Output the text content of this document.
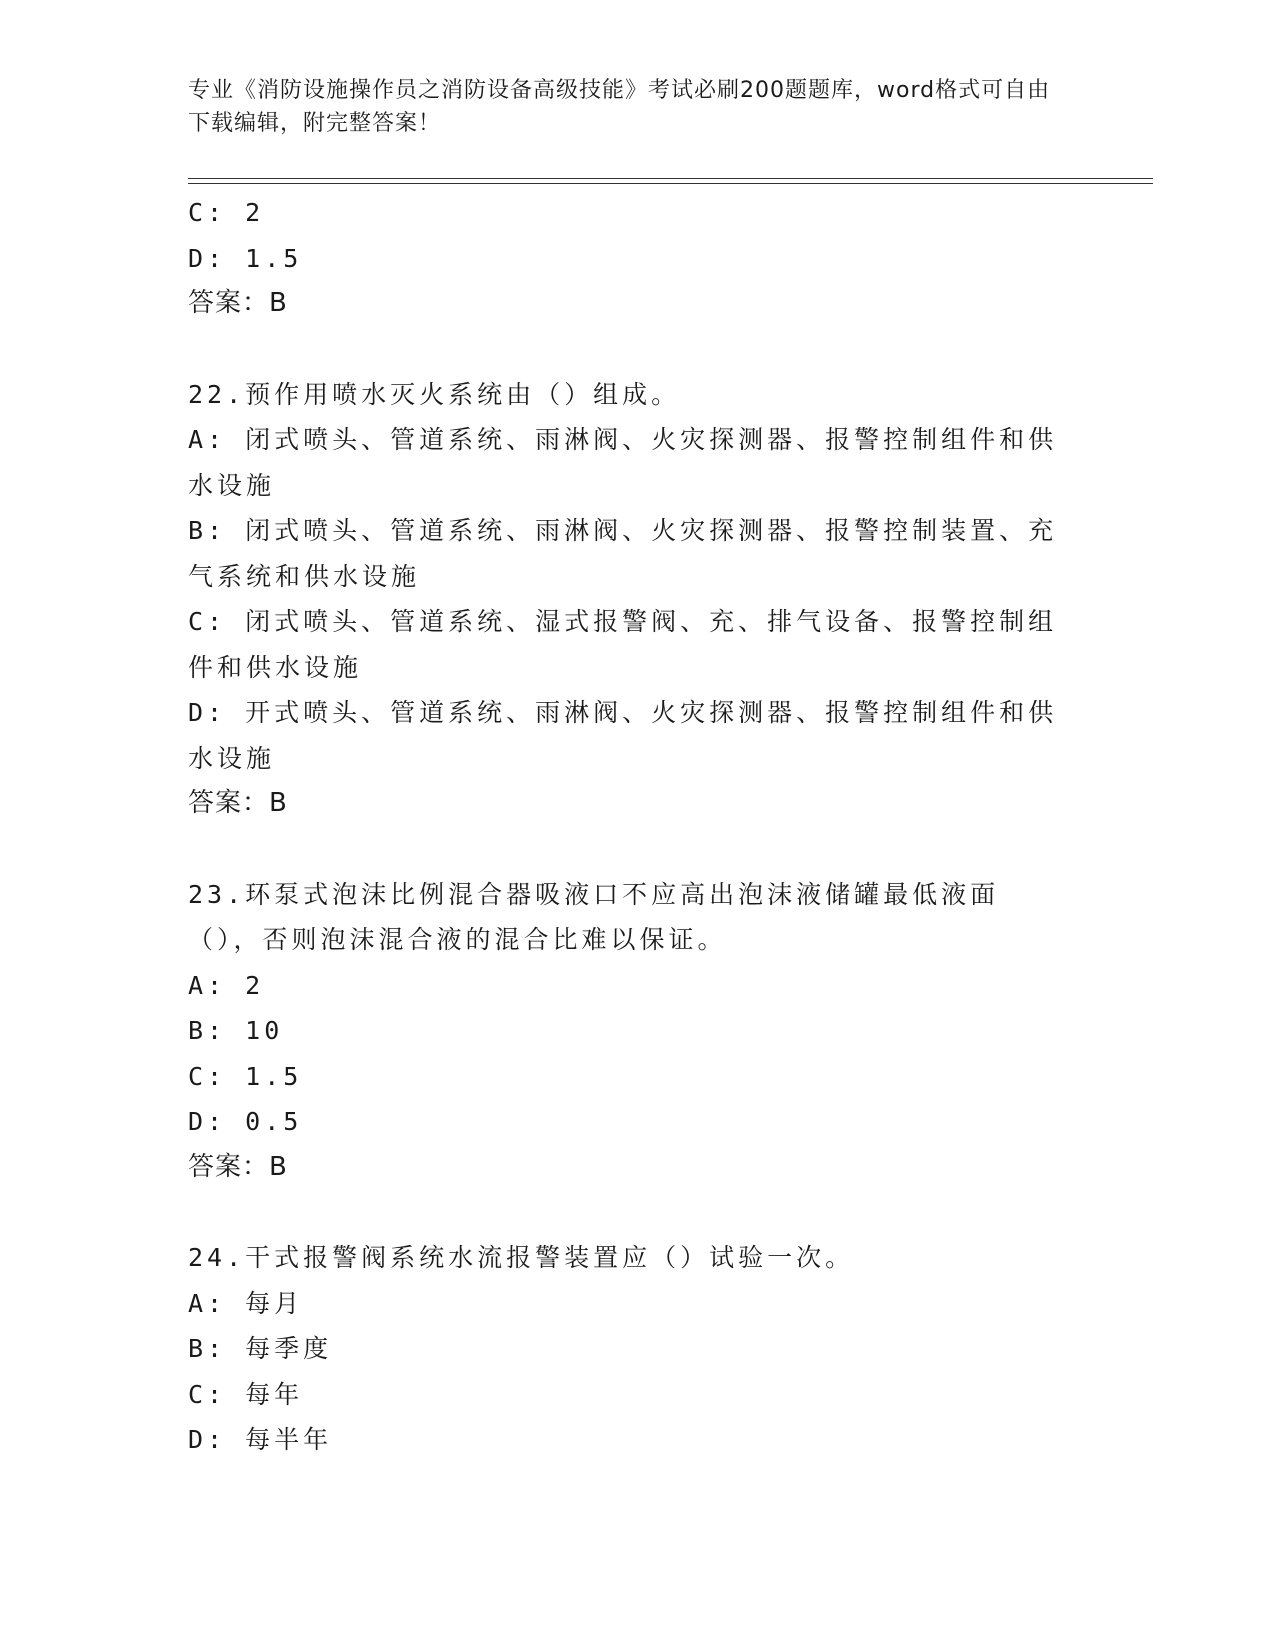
专业《消防设施操作员之消防设备高级技能》考试必刷200题题库，word格式可自由下载编辑，附完整答案！
C: 2
D: 1.5
答案：B
22.预作用喷水灭火系统由（）组成。
A: 闭式喷头、管道系统、雨淋阀、火灾探测器、报警控制组件和供水设施
B: 闭式喷头、管道系统、雨淋阀、火灾探测器、报警控制装置、充气系统和供水设施
C: 闭式喷头、管道系统、湿式报警阀、充、排气设备、报警控制组件和供水设施
D: 开式喷头、管道系统、雨淋阀、火灾探测器、报警控制组件和供水设施
答案：B
23.环泵式泡沫比例混合器吸液口不应高出泡沫液储罐最低液面（），否则泡沫混合液的混合比难以保证。
A: 2
B: 10
C: 1.5
D: 0.5
答案：B
24.干式报警阀系统水流报警装置应（）试验一次。
A: 每月
B: 每季度
C: 每年
D: 每半年
